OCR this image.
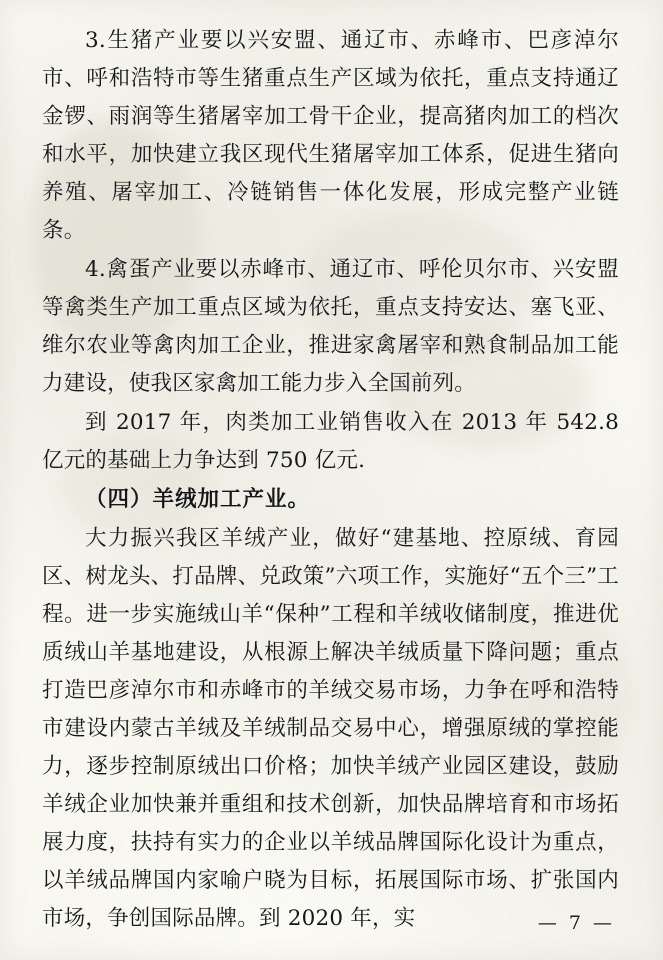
3.生猪产业要以兴安盟、通辽市、赤峰市、巴彦淖尔市、呼和浩特市等生猪重点生产区域为依托，重点支持通辽金锣、雨润等生猪屠宰加工骨干企业，提高猪肉加工的档次和水平，加快建立我区现代生猪屠宰加工体系，促进生猪向养殖、屠宰加工、冷链销售一体化发展，形成完整产业链条。

4.禽蛋产业要以赤峰市、通辽市、呼伦贝尔市、兴安盟等禽类生产加工重点区域为依托，重点支持安达、塞飞亚、维尔农业等禽肉加工企业，推进家禽屠宰和熟食制品加工能力建设，使我区家禽加工能力步入全国前列。

到 2017 年，肉类加工业销售收入在 2013 年 542.8 亿元的基础上力争达到 750 亿元.

（四）羊绒加工产业。

大力振兴我区羊绒产业，做好“建基地、控原绒、育园区、树龙头、打品牌、兑政策”六项工作，实施好“五个三”工程。进一步实施绒山羊“保种”工程和羊绒收储制度，推进优质绒山羊基地建设，从根源上解决羊绒质量下降问题；重点打造巴彦淖尔市和赤峰市的羊绒交易市场，力争在呼和浩特市建设内蒙古羊绒及羊绒制品交易中心，增强原绒的掌控能力，逐步控制原绒出口价格；加快羊绒产业园区建设，鼓励羊绒企业加快兼并重组和技术创新，加快品牌培育和市场拓展力度，扶持有实力的企业以羊绒品牌国际化设计为重点，以羊绒品牌国内家喻户晓为目标，拓展国际市场、扩张国内市场，争创国际品牌。到 2020 年，实	— 7 —
